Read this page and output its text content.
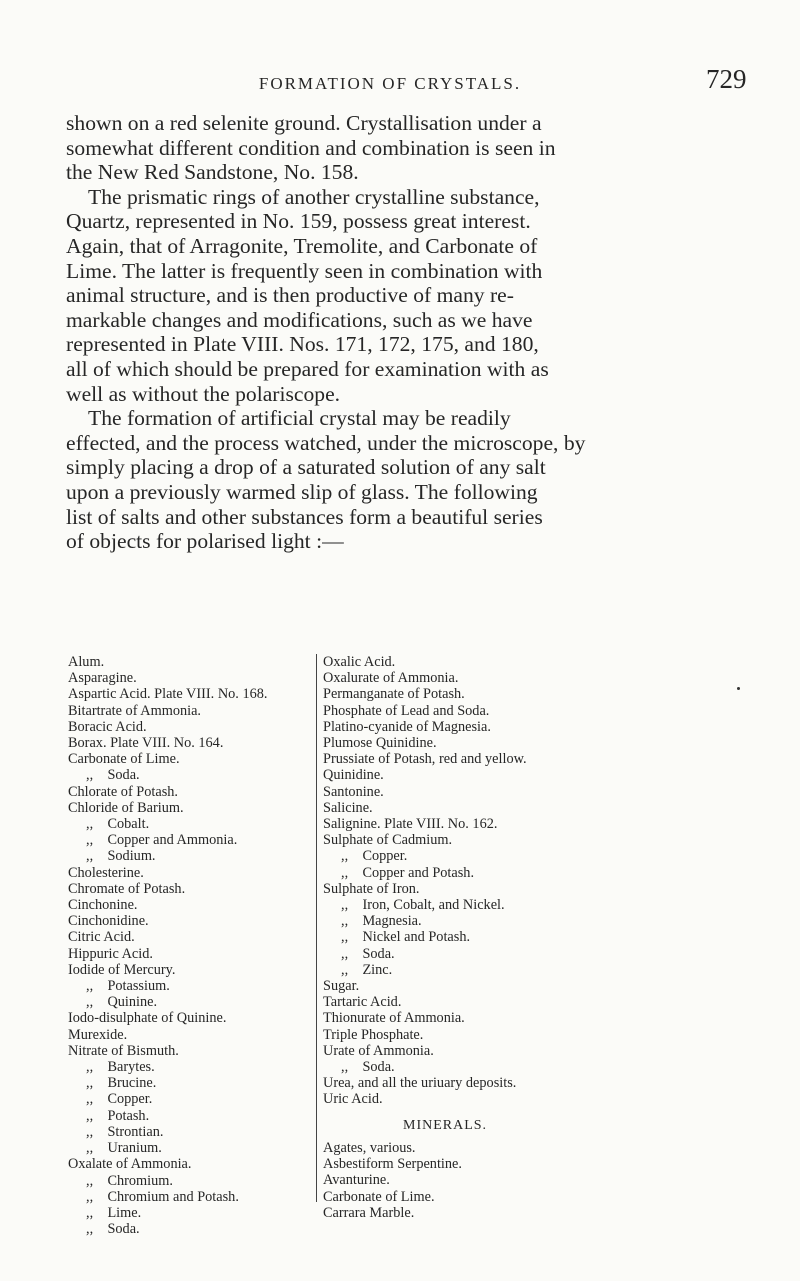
FORMATION OF CRYSTALS.	729
shown on a red selenite ground. Crystallisation under a
somewhat different condition and combination is seen in
the New Red Sandstone, No. 158.
The prismatic rings of another crystalline substance,
Quartz, represented in No. 159, possess great interest.
Again, that of Arragonite, Tremolite, and Carbonate of
Lime. The latter is frequently seen in combination with
animal structure, and is then productive of many re-
markable changes and modifications, such as we have
represented in Plate VIII. Nos. 171, 172, 175, and 180,
all of which should be prepared for examination with as
well as without the polariscope.
The formation of artificial crystal may be readily
effected, and the process watched, under the microscope, by
simply placing a drop of a saturated solution of any salt
upon a previously warmed slip of glass. The following
list of salts and other substances form a beautiful series
of objects for polarised light :—
Alum.
Asparagine.
Aspartic Acid. Plate VIII. No. 168.
Bitartrate of Ammonia.
Boracic Acid.
Borax. Plate VIII. No. 164.
Carbonate of Lime.
,,    Soda.
Chlorate of Potash.
Chloride of Barium.
,,    Cobalt.
,,    Copper and Ammonia.
,,    Sodium.
Cholesterine.
Chromate of Potash.
Cinchonine.
Cinchonidine.
Citric Acid.
Hippuric Acid.
Iodide of Mercury.
,,    Potassium.
,,    Quinine.
Iodo-disulphate of Quinine.
Murexide.
Nitrate of Bismuth.
,,    Barytes.
,,    Brucine.
,,    Copper.
,,    Potash.
,,    Strontian.
,,    Uranium.
Oxalate of Ammonia.
,,    Chromium.
,,    Chromium and Potash.
,,    Lime.
,,    Soda.
Oxalic Acid.
Oxalurate of Ammonia.
Permanganate of Potash.
Phosphate of Lead and Soda.
Platino-cyanide of Magnesia.
Plumose Quinidine.
Prussiate of Potash, red and yellow.
Quinidine.
Santonine.
Salicine.
Salignine. Plate VIII. No. 162.
Sulphate of Cadmium.
,,    Copper.
,,    Copper and Potash.
Sulphate of Iron.
,,    Iron, Cobalt, and Nickel.
,,    Magnesia.
,,    Nickel and Potash.
,,    Soda.
,,    Zinc.
Sugar.
Tartaric Acid.
Thionurate of Ammonia.
Triple Phosphate.
Urate of Ammonia.
,,    Soda.
Urea, and all the uriuary deposits.
Uric Acid.
MINERALS.
Agates, various.
Asbestiform Serpentine.
Avanturine.
Carbonate of Lime.
Carrara Marble.
